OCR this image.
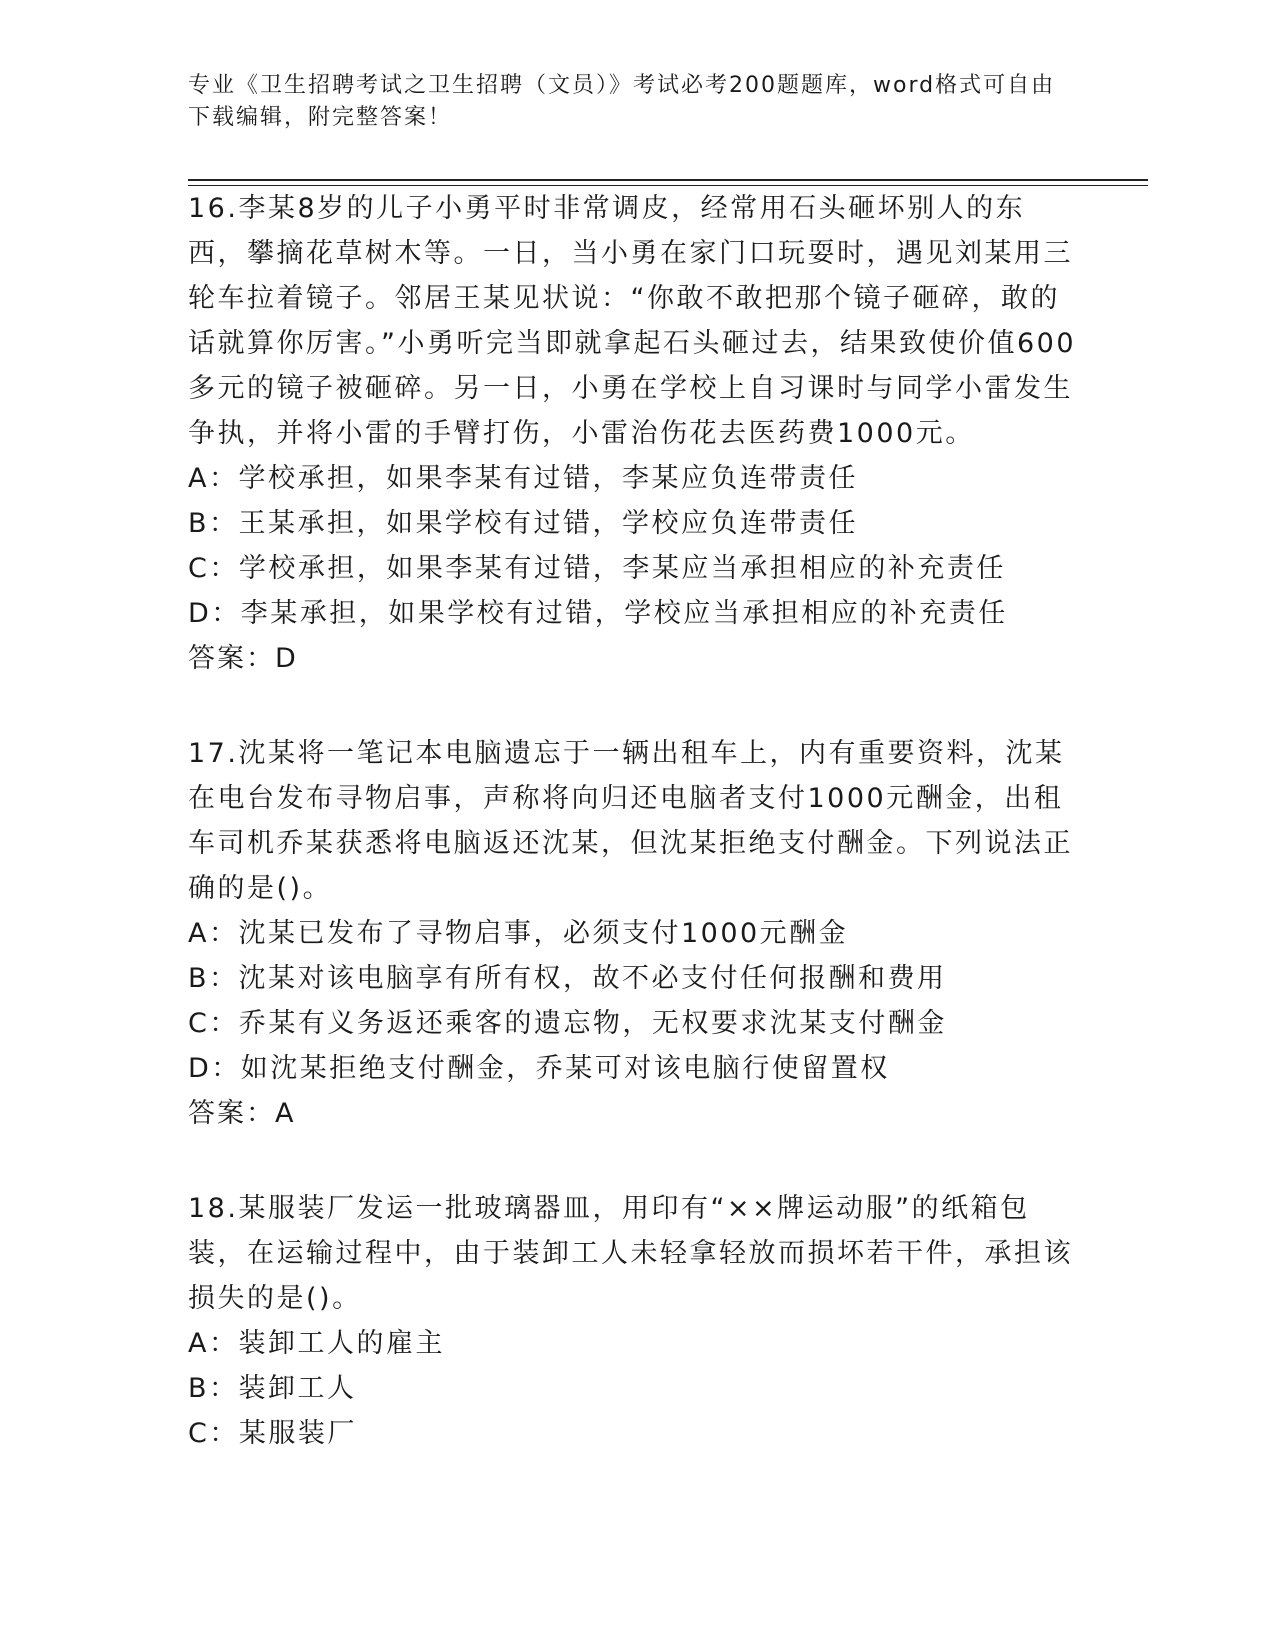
专业《卫生招聘考试之卫生招聘（文员）》考试必考200题题库，word格式可自由下载编辑，附完整答案！

16.李某8岁的儿子小勇平时非常调皮，经常用石头砸坏别人的东西，攀摘花草树木等。一日，当小勇在家门口玩耍时，遇见刘某用三轮车拉着镜子。邻居王某见状说：“你敢不敢把那个镜子砸碎，敢的话就算你厉害。”小勇听完当即就拿起石头砸过去，结果致使价值600多元的镜子被砸碎。另一日，小勇在学校上自习课时与同学小雷发生争执，并将小雷的手臂打伤，小雷治伤花去医药费1000元。

A：学校承担，如果李某有过错，李某应负连带责任

B：王某承担，如果学校有过错，学校应负连带责任

C：学校承担，如果李某有过错，李某应当承担相应的补充责任

D：李某承担，如果学校有过错，学校应当承担相应的补充责任

答案：D

17.沈某将一笔记本电脑遗忘于一辆出租车上，内有重要资料，沈某在电台发布寻物启事，声称将向归还电脑者支付1000元酬金，出租车司机乔某获悉将电脑返还沈某，但沈某拒绝支付酬金。下列说法正确的是()。

A：沈某已发布了寻物启事，必须支付1000元酬金

B：沈某对该电脑享有所有权，故不必支付任何报酬和费用

C：乔某有义务返还乘客的遗忘物，无权要求沈某支付酬金

D：如沈某拒绝支付酬金，乔某可对该电脑行使留置权

答案：A

18.某服装厂发运一批玻璃器皿，用印有“××牌运动服”的纸箱包装，在运输过程中，由于装卸工人未轻拿轻放而损坏若干件，承担该损失的是()。

A：装卸工人的雇主

B：装卸工人

C：某服装厂
